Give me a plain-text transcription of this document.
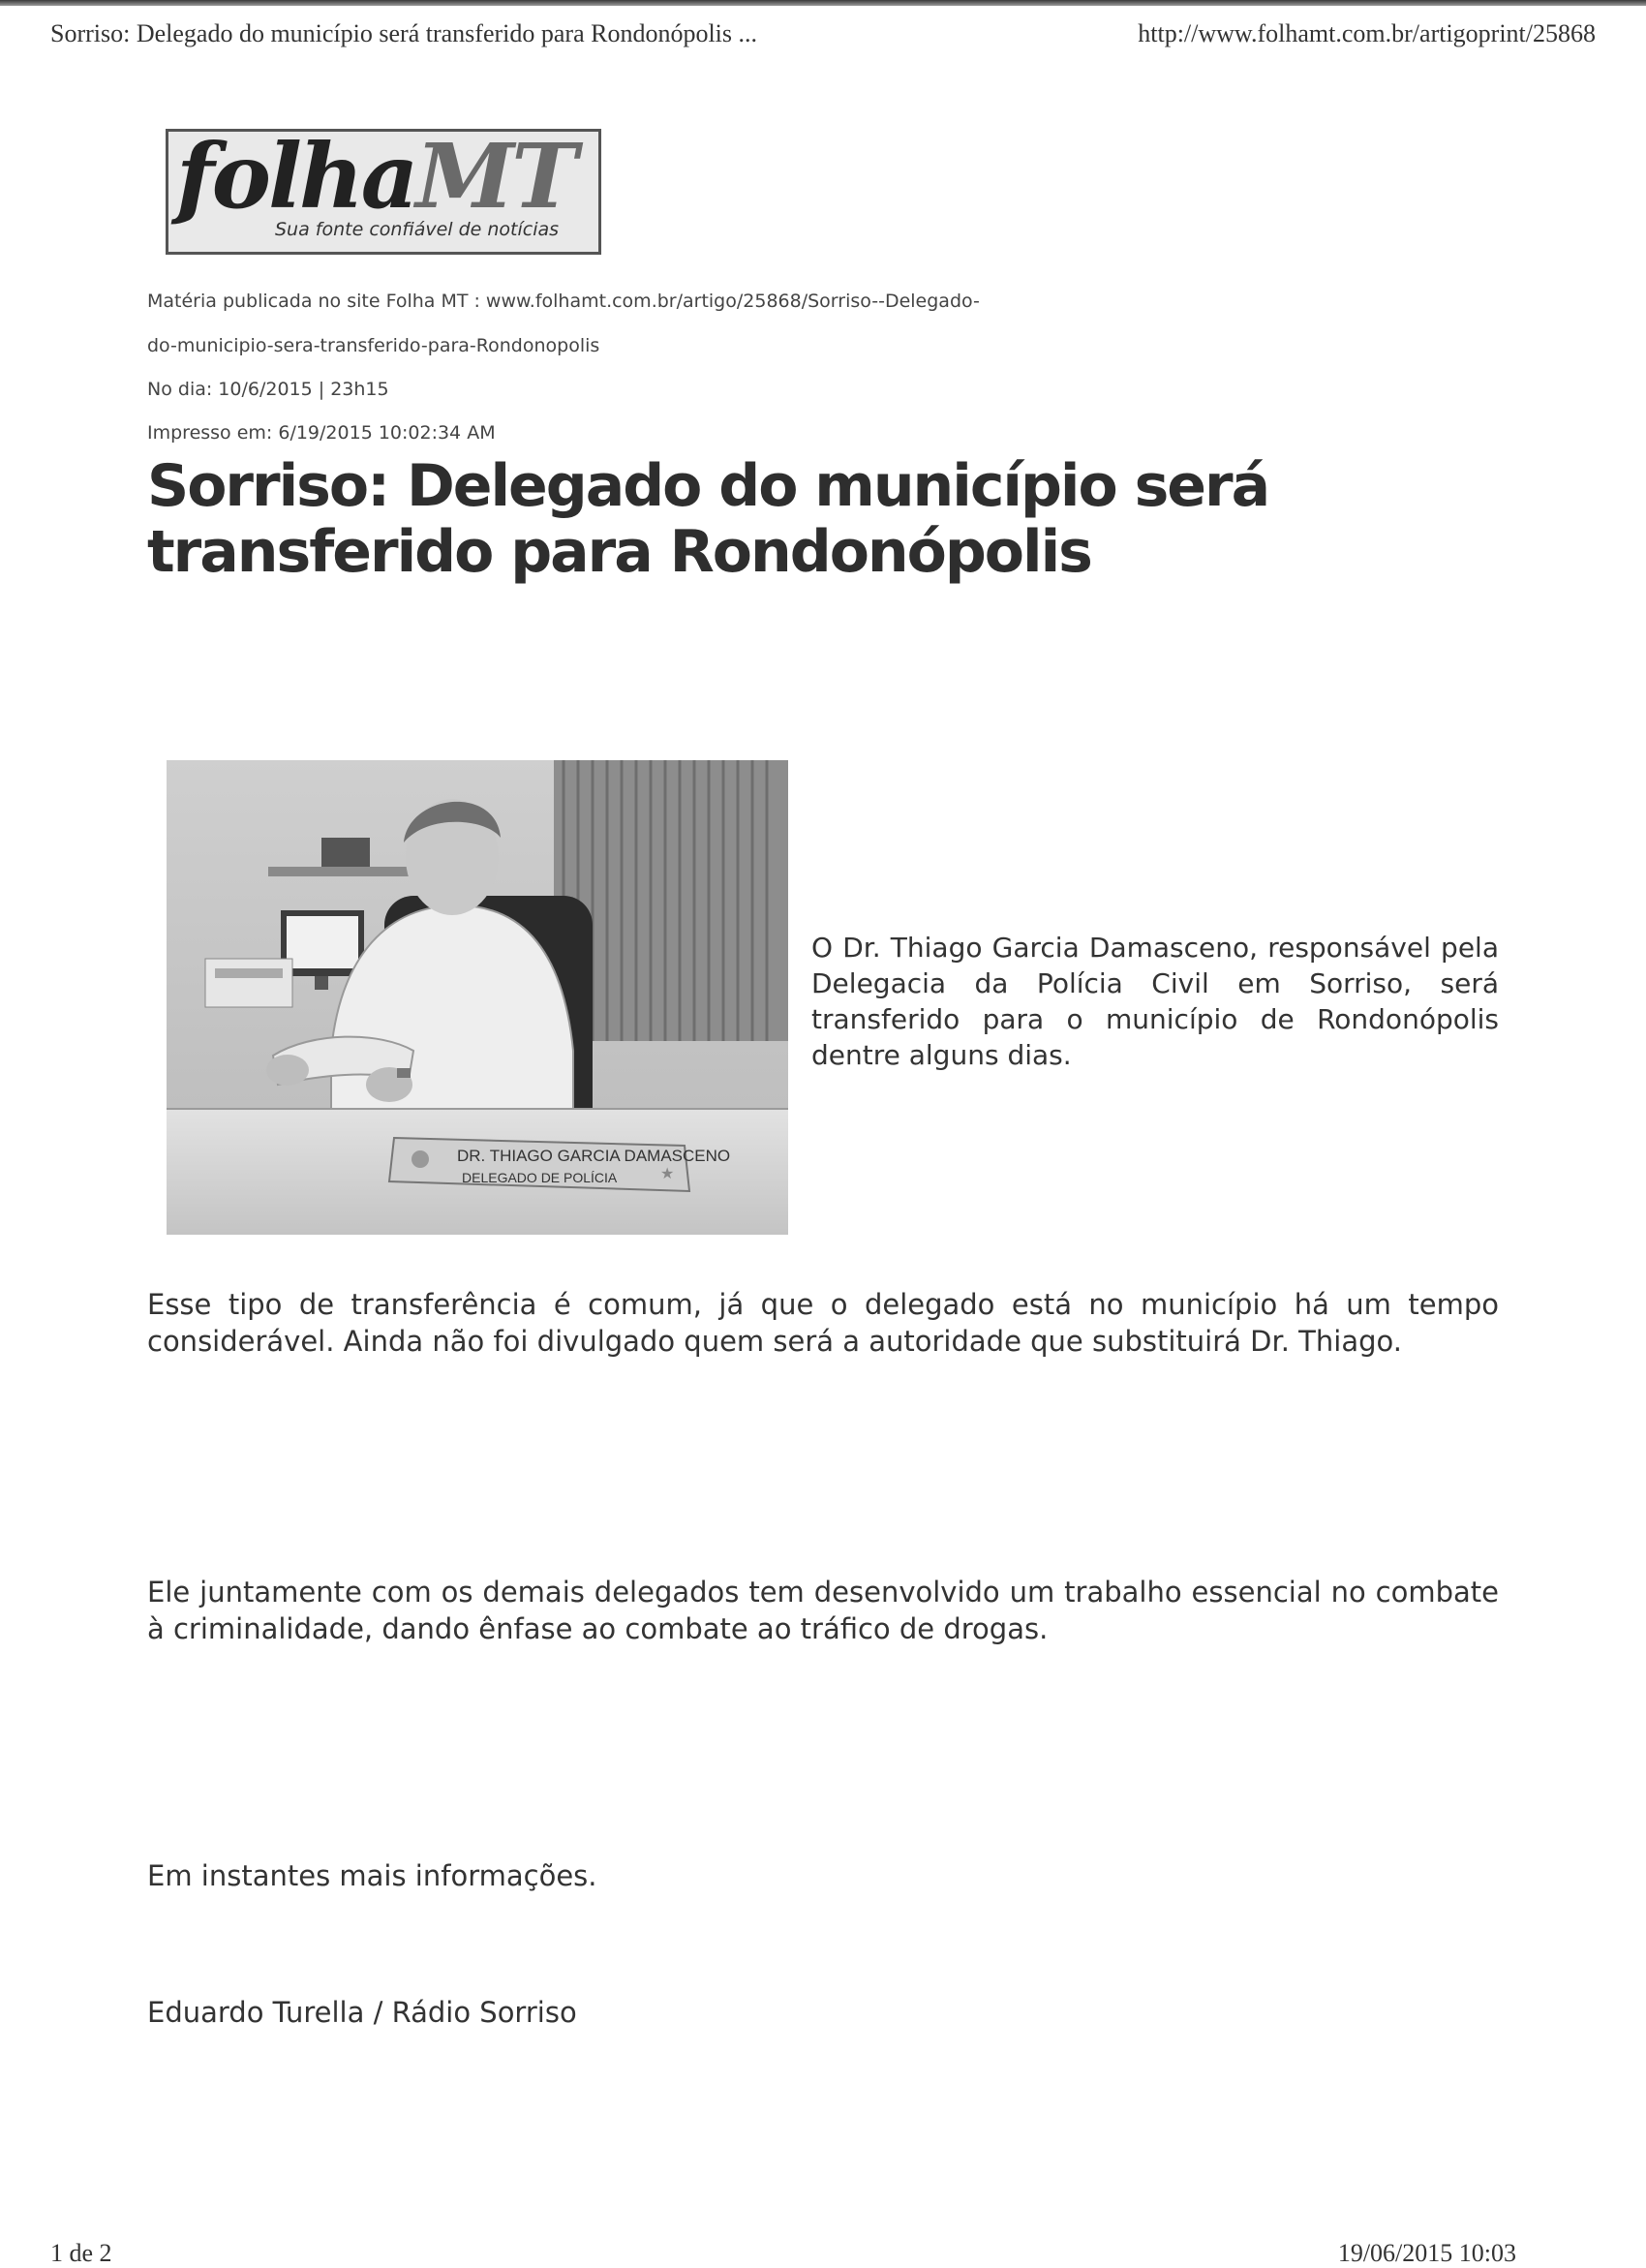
Sorriso: Delegado do município será transferido para Rondonópolis ...	http://www.folhamt.com.br/artigoprint/25868
folhaMT
Sua fonte confiável de notícias
Matéria publicada no site Folha MT : www.folhamt.com.br/artigo/25868/Sorriso--Delegado-
do-municipio-sera-transferido-para-Rondonopolis
No dia: 10/6/2015 | 23h15
Impresso em: 6/19/2015 10:02:34 AM
Sorriso: Delegado do município será transferido para Rondonópolis
DR. THIAGO GARCIA DAMASCENO
DELEGADO DE POLÍCIA	★

O Dr. Thiago Garcia Damasceno, responsável pela Delegacia da Polícia Civil em Sorriso, será transferido para o município de Rondonópolis dentre alguns dias.

Esse tipo de transferência é comum, já que o delegado está no município há um tempo considerável. Ainda não foi divulgado quem será a autoridade que substituirá Dr. Thiago.

Ele juntamente com os demais delegados tem desenvolvido um trabalho essencial no combate à criminalidade, dando ênfase ao combate ao tráfico de drogas.

Em instantes mais informações.

Eduardo Turella / Rádio Sorriso

1 de 2	19/06/2015 10:03
